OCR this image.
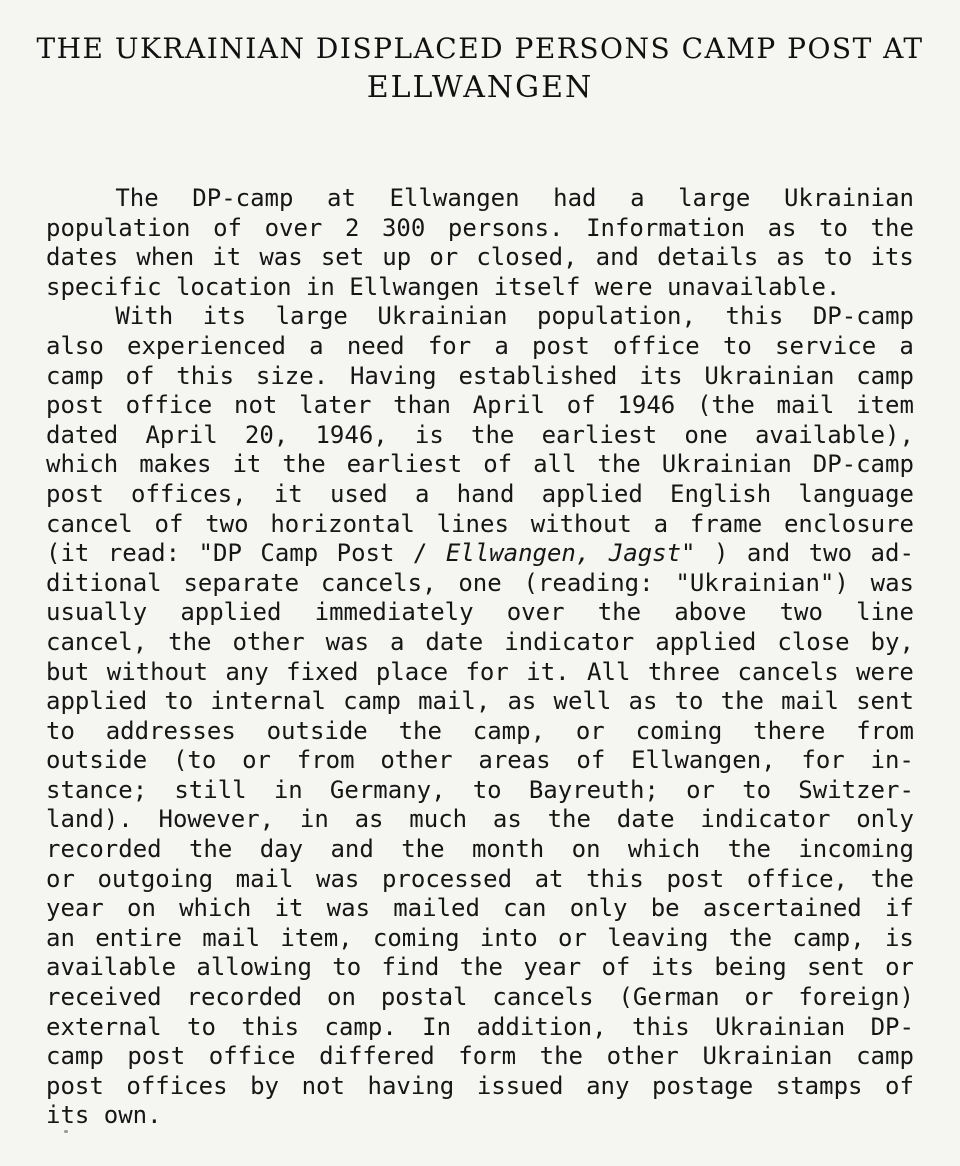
THE UKRAINIAN DISPLACED PERSONS CAMP POST AT

ELLWANGEN

The DP-camp at Ellwangen had a large Ukrainian
population of over 2 300 persons. Information as to the
dates when it was set up or closed, and details as to its
specific location in Ellwangen itself were unavailable.
With its large Ukrainian population, this DP-camp
also experienced a need for a post office to service a
camp of this size. Having established its Ukrainian camp
post office not later than April of 1946 (the mail item
dated April 20, 1946, is the earliest one available),
which makes it the earliest of all the Ukrainian DP-camp
post offices, it used a hand applied English language
cancel of two horizontal lines without a frame enclosure
(it read: "DP Camp Post / Ellwangen, Jagst" ) and two ad-
ditional separate cancels, one (reading: "Ukrainian") was
usually applied immediately over the above two line
cancel, the other was a date indicator applied close by,
but without any fixed place for it. All three cancels were
applied to internal camp mail, as well as to the mail sent
to addresses outside the camp, or coming there from
outside (to or from other areas of Ellwangen, for in-
stance; still in Germany, to Bayreuth; or to Switzer-
land). However, in as much as the date indicator only
recorded the day and the month on which the incoming
or outgoing mail was processed at this post office, the
year on which it was mailed can only be ascertained if
an entire mail item, coming into or leaving the camp, is
available allowing to find the year of its being sent or
received recorded on postal cancels (German or foreign)
external to this camp. In addition, this Ukrainian DP-
camp post office differed form the other Ukrainian camp
post offices by not having issued any postage stamps of
its own.
